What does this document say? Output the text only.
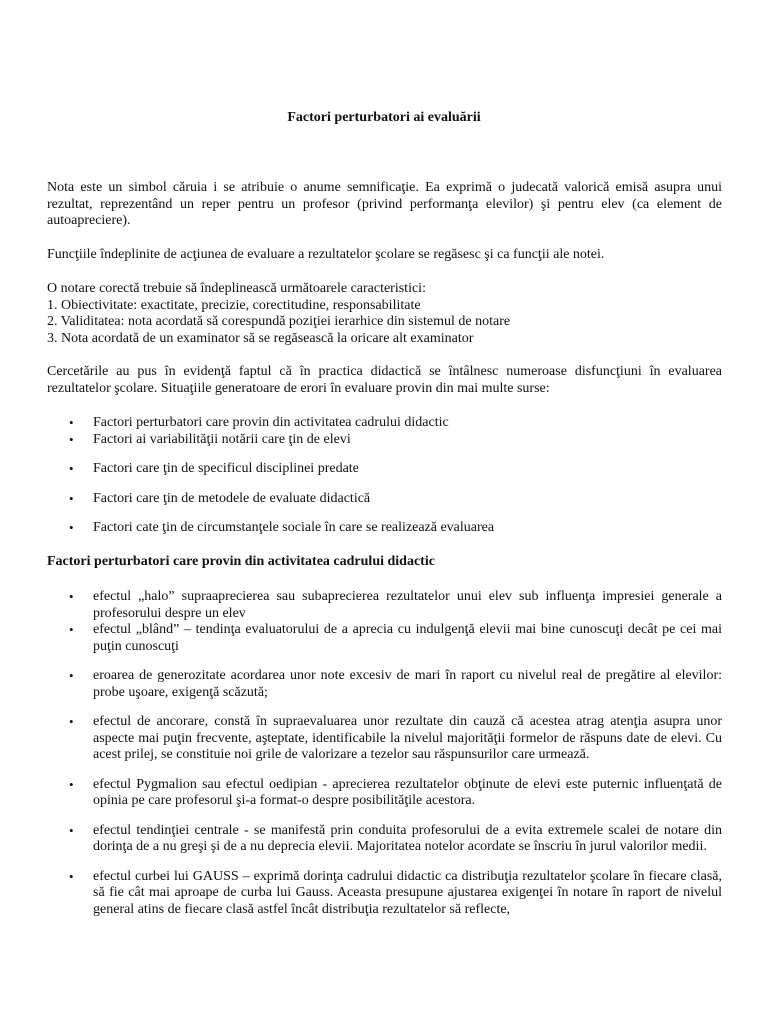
Factori perturbatori ai evaluării

Nota este un simbol căruia i se atribuie o anume semnificaţie. Ea exprimă o judecată valorică emisă asupra unui rezultat, reprezentând un reper pentru un profesor (privind performanţa elevilor) şi pentru elev (ca element de autoapreciere).

Funcţiile îndeplinite de acţiunea de evaluare a rezultatelor şcolare se regăsesc şi ca funcţii ale notei.

O notare corectă trebuie să îndeplinească următoarele caracteristici:

1. Obiectivitate: exactitate, precizie, corectitudine, responsabilitate

2. Validitatea: nota acordată să corespundă poziţiei ierarhice din sistemul de notare

3. Nota acordată de un examinator să se regăsească la oricare alt examinator

Cercetările au pus în evidenţă faptul că în practica didactică se întâlnesc numeroase disfuncţiuni în evaluarea rezultatelor şcolare. Situaţiile generatoare de erori în evaluare provin din mai multe surse:

• Factori perturbatori care provin din activitatea cadrului didactic
• Factori ai variabilităţii notării care ţin de elevi
• Factori care ţin de specificul disciplinei predate
• Factori care ţin de metodele de evaluate didactică
• Factori cate ţin de circumstanţele sociale în care se realizează evaluarea
Factori perturbatori care provin din activitatea cadrului didactic
• efectul „halo” supraaprecierea sau subaprecierea rezultatelor unui elev sub influenţa impresiei generale a profesorului despre un elev
• efectul „blând” – tendinţa evaluatorului de a aprecia cu indulgenţă elevii mai bine cunoscuţi decât pe cei mai puţin cunoscuţi
• eroarea de generozitate acordarea unor note excesiv de mari în raport cu nivelul real de pregătire al elevilor: probe uşoare, exigenţă scăzută;
• efectul de ancorare, constă în supraevaluarea unor rezultate din cauză că acestea atrag atenţia asupra unor aspecte mai puţin frecvente, aşteptate, identificabile la nivelul majorităţii formelor de răspuns date de elevi. Cu acest prilej, se constituie noi grile de valorizare a tezelor sau răspunsurilor care urmează.
• efectul Pygmalion sau efectul oedipian - aprecierea rezultatelor obţinute de elevi este puternic influenţată de opinia pe care profesorul şi-a format-o despre posibilităţile acestora.
• efectul tendinţiei centrale - se manifestă prin conduita profesorului de a evita extremele scalei de notare din dorinţa de a nu greşi şi de a nu deprecia elevii. Majoritatea notelor acordate se înscriu în jurul valorilor medii.
• efectul curbei lui GAUSS – exprimă dorinţa cadrului didactic ca distribuţia rezultatelor şcolare în fiecare clasă, să fie cât mai aproape de curba lui Gauss. Aceasta presupune ajustarea exigenţei în notare în raport de nivelul general atins de fiecare clasă astfel încât distribuţia rezultatelor să reflecte,
